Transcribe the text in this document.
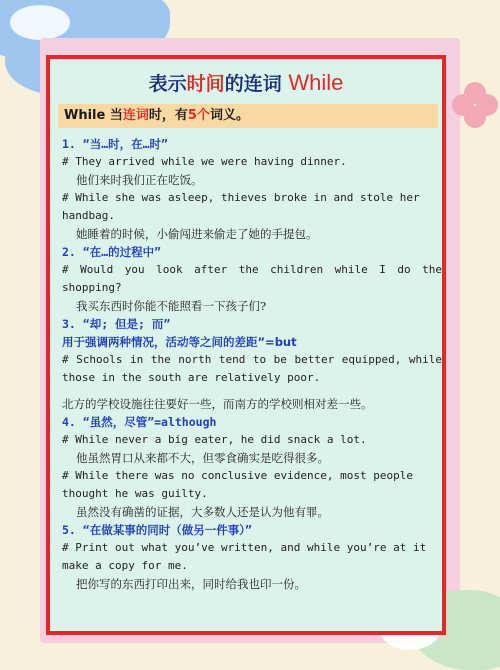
表示时间的连词 While
While 当连词时，有5个词义。

1. “当…时，在…时”

# They arrived while we were having dinner.

他们来时我们正在吃饭。

# While she was asleep, thieves broke in and stole her handbag.

她睡着的时候，小偷闯进来偷走了她的手提包。

2. “在…的过程中”

# Would you look after the children while I do the shopping?

我买东西时你能不能照看一下孩子们?

3. “却; 但是; 而”

用于强调两种情况，活动等之间的差距”=but

# Schools in the north tend to be better equipped, while those in the south are relatively poor.

北方的学校设施往往要好一些，而南方的学校则相对差一些。

4. “虽然，尽管”=although

# While never a big eater, he did snack a lot.

他虽然胃口从来都不大，但零食确实是吃得很多。

# While there was no conclusive evidence, most people thought he was guilty.

虽然没有确凿的证据，大多数人还是认为他有罪。

5. “在做某事的同时（做另一件事）”

# Print out what you’ve written, and while you’re at it make a copy for me.

把你写的东西打印出来，同时给我也印一份。
